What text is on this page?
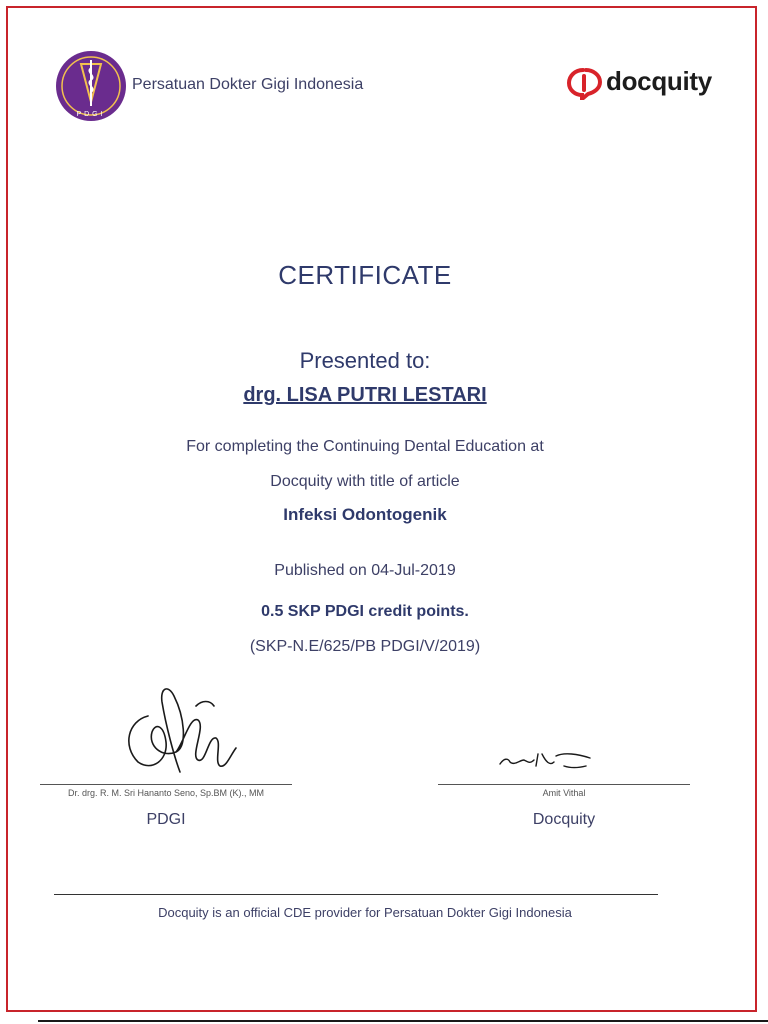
PDGI
Persatuan Dokter Gigi Indonesia	docquity
CERTIFICATE
Presented to:
drg. LISA PUTRI LESTARI
For completing the Continuing Dental Education at
Docquity with title of article
Infeksi Odontogenik
Published on 04-Jul-2019
0.5 SKP PDGI credit points.
(SKP-N.E/625/PB PDGI/V/2019)
Dr. drg. R. M. Sri Hananto Seno, Sp.BM (K)., MM	Amit Vithal
PDGI	Docquity
Docquity is an official CDE provider for Persatuan Dokter Gigi Indonesia
